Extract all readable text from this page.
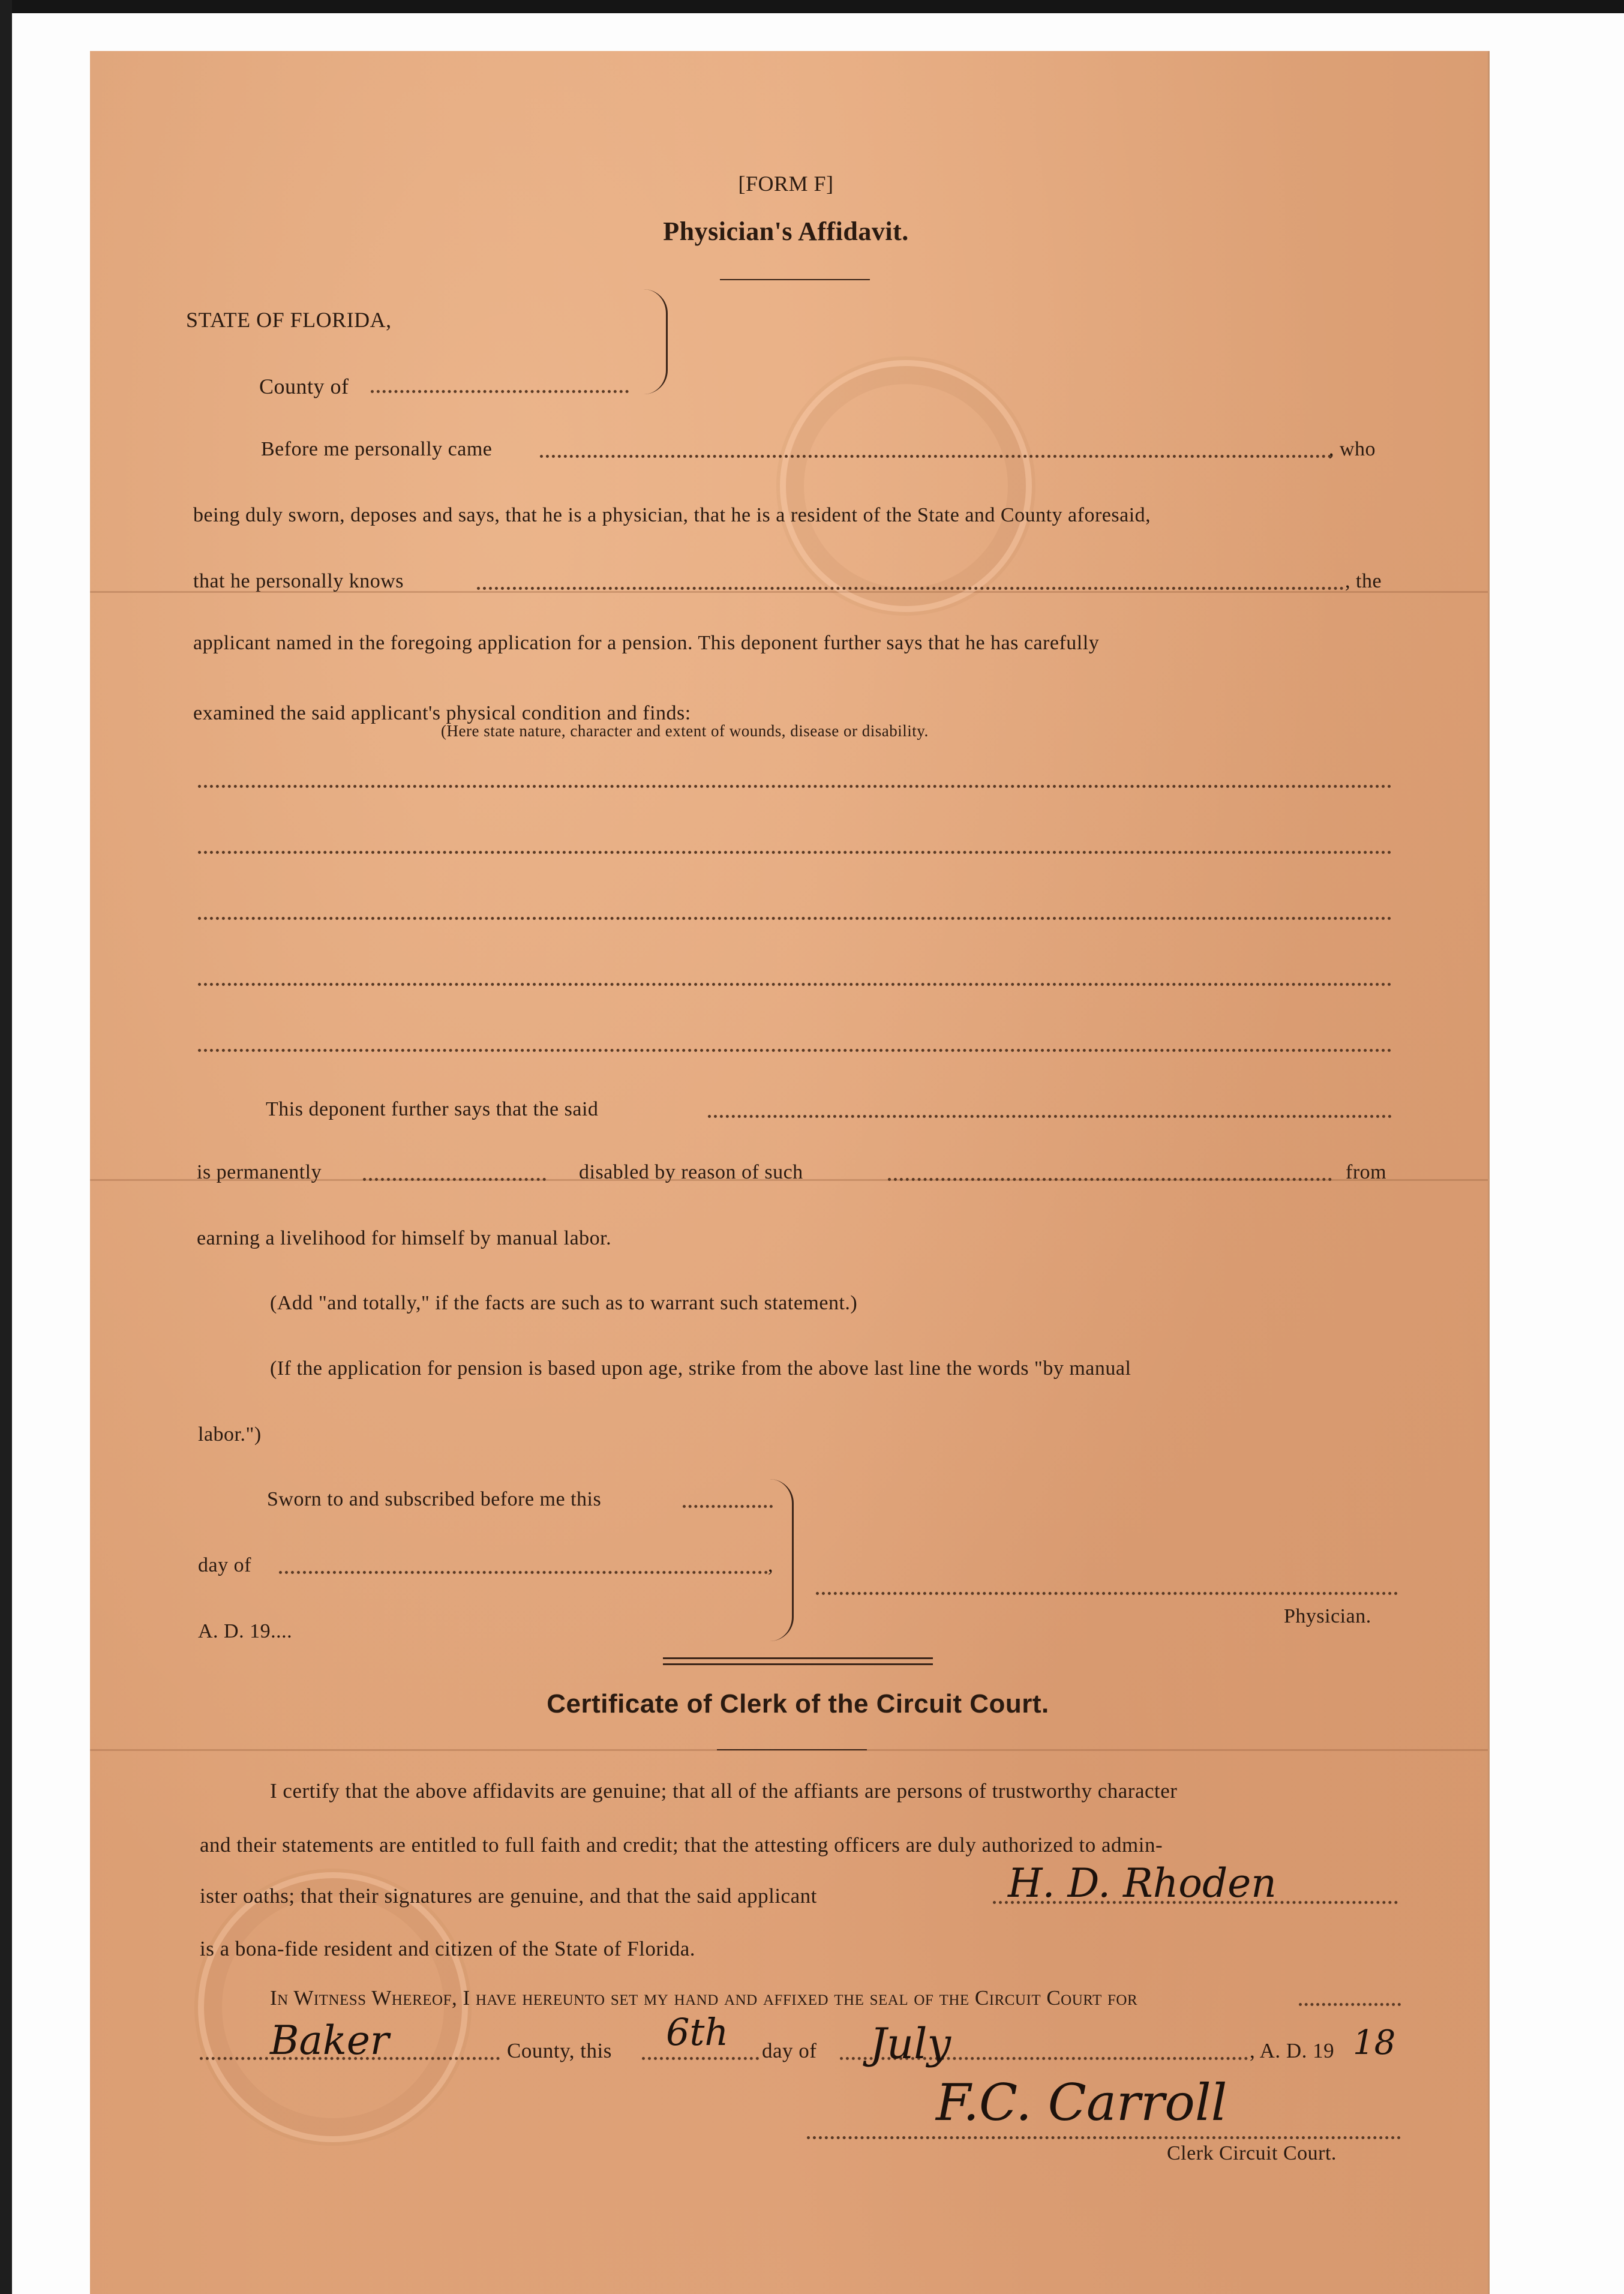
[FORM F]
Physician's Affidavit.
STATE OF FLORIDA,
County of
Before me personally came	, who
being duly sworn, deposes and says, that he is a physician, that he is a resident of the State and County aforesaid,
that he personally knows	, the
applicant named in the foregoing application for a pension. This deponent further says that he has carefully
examined the said applicant's physical condition and finds:
(Here state nature, character and extent of wounds, disease or disability.
This deponent further says that the said
is permanently	disabled by reason of such	from
earning a livelihood for himself by manual labor.
(Add "and totally," if the facts are such as to warrant such statement.)
(If the application for pension is based upon age, strike from the above last line the words "by manual
labor.")
Sworn to and subscribed before me this
day of	,
A. D. 19....
Physician.
Certificate of Clerk of the Circuit Court.
I certify that the above affidavits are genuine; that all of the affiants are persons of trustworthy character
and their statements are entitled to full faith and credit; that the attesting officers are duly authorized to admin-
ister oaths; that their signatures are genuine, and that the said applicant	H. D. Rhoden
is a bona-fide resident and citizen of the State of Florida.
In Witness Whereof, I have hereunto set my hand and affixed the seal of the Circuit Court for
Baker	County, this 6th day of July	, A. D. 19 18
F.C. Carroll
Clerk Circuit Court.
